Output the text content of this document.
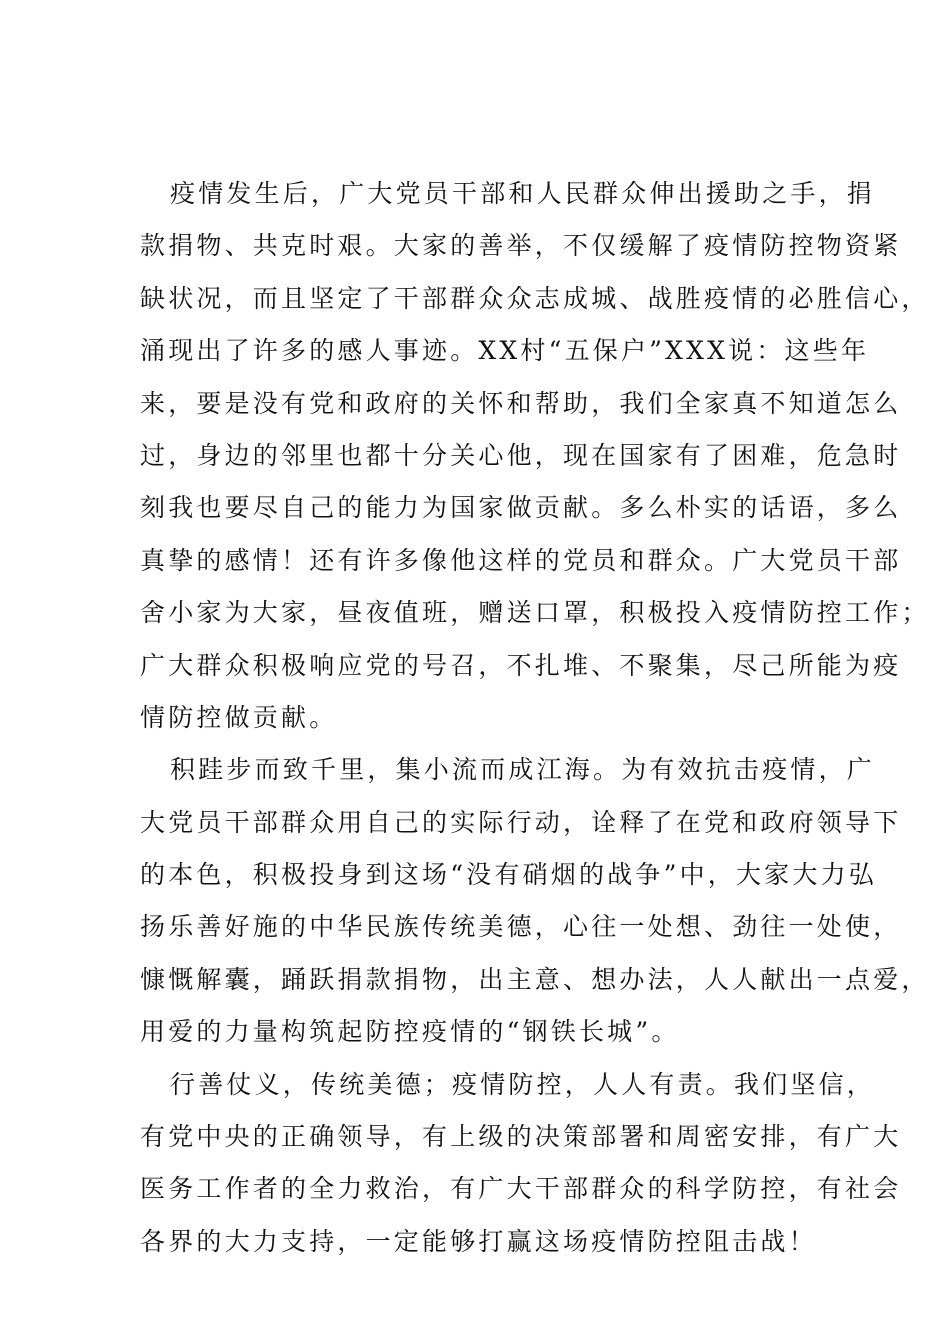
疫情发生后，广大党员干部和人民群众伸出援助之手，捐
款捐物、共克时艰。大家的善举，不仅缓解了疫情防控物资紧
缺状况，而且坚定了干部群众众志成城、战胜疫情的必胜信心，
涌现出了许多的感人事迹。XX村“五保户”XXX说：这些年
来，要是没有党和政府的关怀和帮助，我们全家真不知道怎么
过，身边的邻里也都十分关心他，现在国家有了困难，危急时
刻我也要尽自己的能力为国家做贡献。多么朴实的话语，多么
真挚的感情！还有许多像他这样的党员和群众。广大党员干部
舍小家为大家，昼夜值班，赠送口罩，积极投入疫情防控工作；
广大群众积极响应党的号召，不扎堆、不聚集，尽己所能为疫
情防控做贡献。
积跬步而致千里，集小流而成江海。为有效抗击疫情，广
大党员干部群众用自己的实际行动，诠释了在党和政府领导下
的本色，积极投身到这场“没有硝烟的战争”中，大家大力弘
扬乐善好施的中华民族传统美德，心往一处想、劲往一处使，
慷慨解囊，踊跃捐款捐物，出主意、想办法，人人献出一点爱，
用爱的力量构筑起防控疫情的“钢铁长城”。
行善仗义，传统美德；疫情防控，人人有责。我们坚信，
有党中央的正确领导，有上级的决策部署和周密安排，有广大
医务工作者的全力救治，有广大干部群众的科学防控，有社会
各界的大力支持，一定能够打赢这场疫情防控阻击战！
